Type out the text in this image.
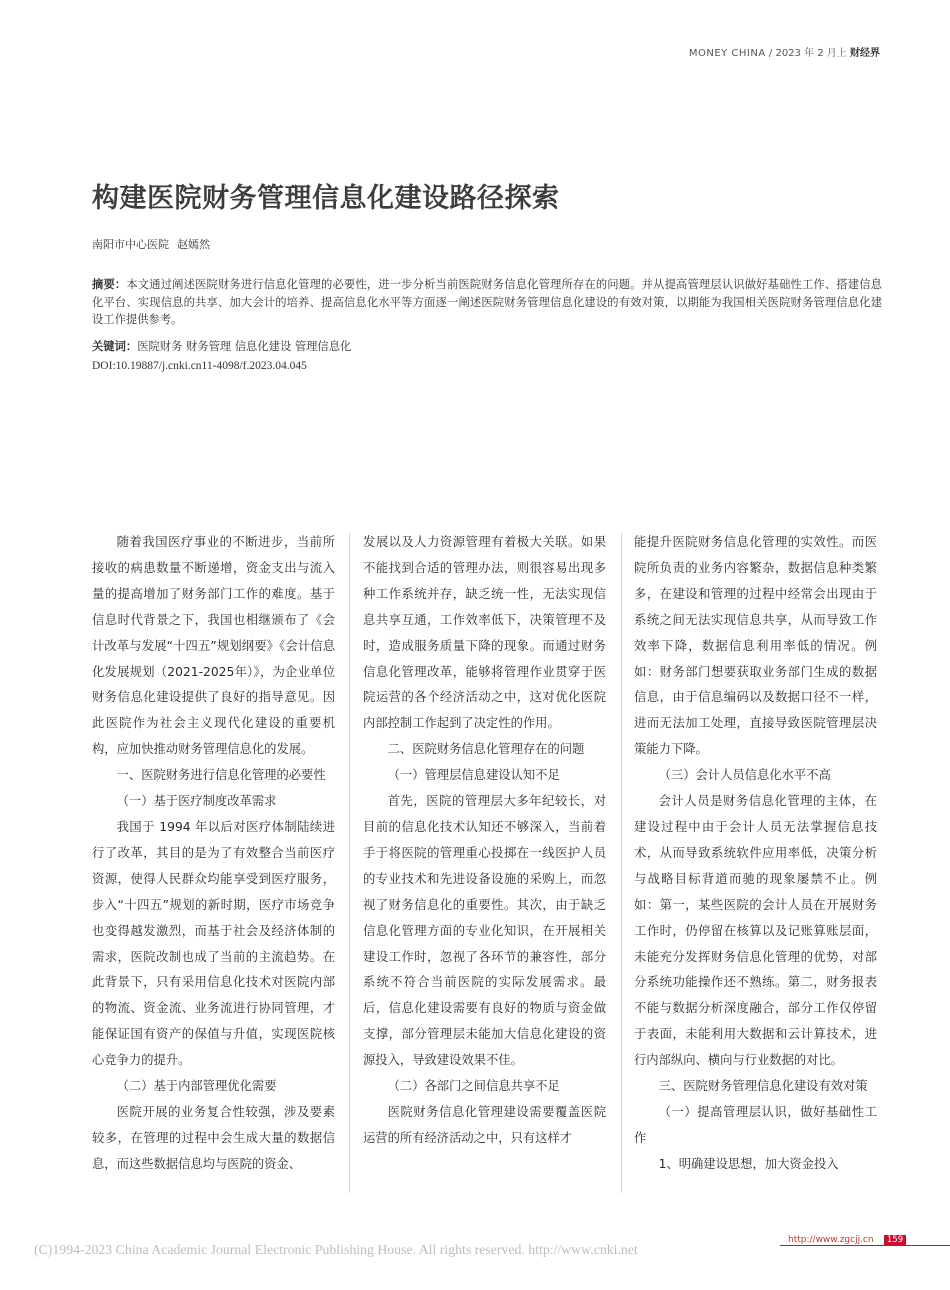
MONEY CHINA / 2023 年 2 月上 财经界
构建医院财务管理信息化建设路径探索
南阳市中心医院 赵嫣然
摘要：本文通过阐述医院财务进行信息化管理的必要性，进一步分析当前医院财务信息化管理所存在的问题。并从提高管理层认识做好基础性工作、搭建信息化平台、实现信息的共享、加大会计的培养、提高信息化水平等方面逐一阐述医院财务管理信息化建设的有效对策，以期能为我国相关医院财务管理信息化建设工作提供参考。
关键词：医院财务 财务管理 信息化建设 管理信息化
DOI:10.19887/j.cnki.cn11-4098/f.2023.04.045

随着我国医疗事业的不断进步，当前所接收的病患数量不断递增，资金支出与流入量的提高增加了财务部门工作的难度。基于信息时代背景之下，我国也相继颁布了《会计改革与发展“十四五”规划纲要》《会计信息化发展规划（2021-2025年）》，为企业单位财务信息化建设提供了良好的指导意见。因此医院作为社会主义现代化建设的重要机构，应加快推动财务管理信息化的发展。

一、医院财务进行信息化管理的必要性

（一）基于医疗制度改革需求

我国于 1994 年以后对医疗体制陆续进行了改革，其目的是为了有效整合当前医疗资源，使得人民群众均能享受到医疗服务，步入“十四五”规划的新时期，医疗市场竞争也变得越发激烈，而基于社会及经济体制的需求，医院改制也成了当前的主流趋势。在此背景下，只有采用信息化技术对医院内部的物流、资金流、业务流进行协同管理，才能保证国有资产的保值与升值，实现医院核心竞争力的提升。

（二）基于内部管理优化需要

医院开展的业务复合性较强，涉及要素较多，在管理的过程中会生成大量的数据信息，而这些数据信息均与医院的资金、

发展以及人力资源管理有着极大关联。如果不能找到合适的管理办法，则很容易出现多种工作系统并存，缺乏统一性，无法实现信息共享互通，工作效率低下，决策管理不及时，造成服务质量下降的现象。而通过财务信息化管理改革，能够将管理作业贯穿于医院运营的各个经济活动之中，这对优化医院内部控制工作起到了决定性的作用。

二、医院财务信息化管理存在的问题

（一）管理层信息建设认知不足

首先，医院的管理层大多年纪较长，对目前的信息化技术认知还不够深入，当前着手于将医院的管理重心投掷在一线医护人员的专业技术和先进设备设施的采购上，而忽视了财务信息化的重要性。其次，由于缺乏信息化管理方面的专业化知识，在开展相关建设工作时，忽视了各环节的兼容性，部分系统不符合当前医院的实际发展需求。最后，信息化建设需要有良好的物质与资金做支撑，部分管理层未能加大信息化建设的资源投入，导致建设效果不佳。

（二）各部门之间信息共享不足

医院财务信息化管理建设需要覆盖医院运营的所有经济活动之中，只有这样才

能提升医院财务信息化管理的实效性。而医院所负责的业务内容繁杂，数据信息种类繁多，在建设和管理的过程中经常会出现由于系统之间无法实现信息共享，从而导致工作效率下降，数据信息利用率低的情况。例如：财务部门想要获取业务部门生成的数据信息，由于信息编码以及数据口径不一样，进而无法加工处理，直接导致医院管理层决策能力下降。

（三）会计人员信息化水平不高

会计人员是财务信息化管理的主体，在建设过程中由于会计人员无法掌握信息技术，从而导致系统软件应用率低，决策分析与战略目标背道而驰的现象屡禁不止。例如：第一，某些医院的会计人员在开展财务工作时，仍停留在核算以及记账算账层面，未能充分发挥财务信息化管理的优势，对部分系统功能操作还不熟练。第二，财务报表不能与数据分析深度融合，部分工作仅停留于表面，未能利用大数据和云计算技术，进行内部纵向、横向与行业数据的对比。

三、医院财务管理信息化建设有效对策

（一）提高管理层认识，做好基础性工作

1、明确建设思想，加大资金投入

http://www.zgcjj.cn	159
(C)1994-2023 China Academic Journal Electronic Publishing House. All rights reserved. http://www.cnki.net
